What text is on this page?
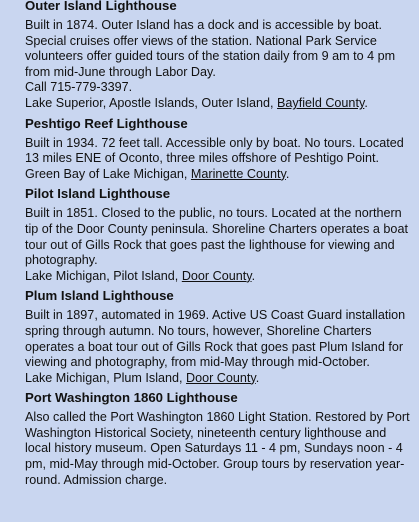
Outer Island Lighthouse

Built in 1874. Outer Island has a dock and is accessible by boat. Special cruises offer views of the station. National Park Service volunteers offer guided tours of the station daily from 9 am to 4 pm from mid-June through Labor Day.

Call 715-779-3397.

Lake Superior, Apostle Islands, Outer Island, Bayfield County.

Peshtigo Reef Lighthouse

Built in 1934. 72 feet tall. Accessible only by boat. No tours. Located 13 miles ENE of Oconto, three miles offshore of Peshtigo Point.

Green Bay of Lake Michigan, Marinette County.

Pilot Island Lighthouse

Built in 1851. Closed to the public, no tours. Located at the northern tip of the Door County peninsula. Shoreline Charters operates a boat tour out of Gills Rock that goes past the lighthouse for viewing and photography.

Lake Michigan, Pilot Island, Door County.

Plum Island Lighthouse

Built in 1897, automated in 1969. Active US Coast Guard installation spring through autumn. No tours, however, Shoreline Charters operates a boat tour out of Gills Rock that goes past Plum Island for viewing and photography, from mid-May through mid-October.

Lake Michigan, Plum Island, Door County.

Port Washington 1860 Lighthouse

Also called the Port Washington 1860 Light Station. Restored by Port Washington Historical Society, nineteenth century lighthouse and local history museum. Open Saturdays 11 - 4 pm, Sundays noon - 4 pm, mid-May through mid-October. Group tours by reservation year-round. Admission charge.
